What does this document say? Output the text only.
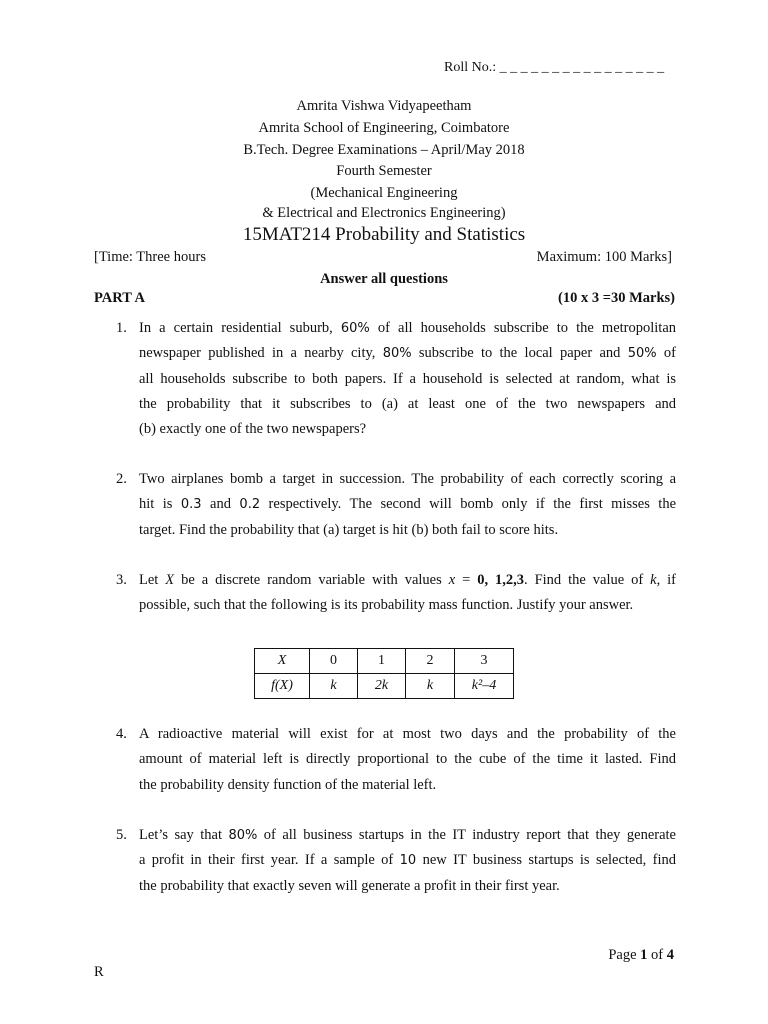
Roll No.: _ _ _ _ _ _ _ _ _ _ _ _ _ _ _ _
Amrita Vishwa Vidyapeetham
Amrita School of Engineering, Coimbatore
B.Tech. Degree Examinations – April/May 2018
Fourth Semester
(Mechanical Engineering
& Electrical and Electronics Engineering)
15MAT214 Probability and Statistics
[Time: Three hours	Maximum: 100 Marks]
Answer all questions
PART A	(10 x 3 =30 Marks)
1. In a certain residential suburb, 60% of all households subscribe to the metropolitan
newspaper published in a nearby city, 80% subscribe to the local paper and 50% of
all households subscribe to both papers. If a household is selected at random, what is
the probability that it subscribes to (a) at least one of the two newspapers and
(b) exactly one of the two newspapers?
2. Two airplanes bomb a target in succession. The probability of each correctly scoring a
hit is 0.3 and 0.2 respectively. The second will bomb only if the first misses the
target. Find the probability that (a) target is hit (b) both fail to score hits.
3. Let X be a discrete random variable with values x = 0, 1,2,3. Find the value of k, if
possible, such that the following is its probability mass function. Justify your answer.
X	0	1	2	3
f(X)	k	2k	k	k²–4
4. A radioactive material will exist for at most two days and the probability of the
amount of material left is directly proportional to the cube of the time it lasted. Find
the probability density function of the material left.
5. Let’s say that 80% of all business startups in the IT industry report that they generate
a profit in their first year. If a sample of 10 new IT business startups is selected, find
the probability that exactly seven will generate a profit in their first year.
Page 1 of 4
R
